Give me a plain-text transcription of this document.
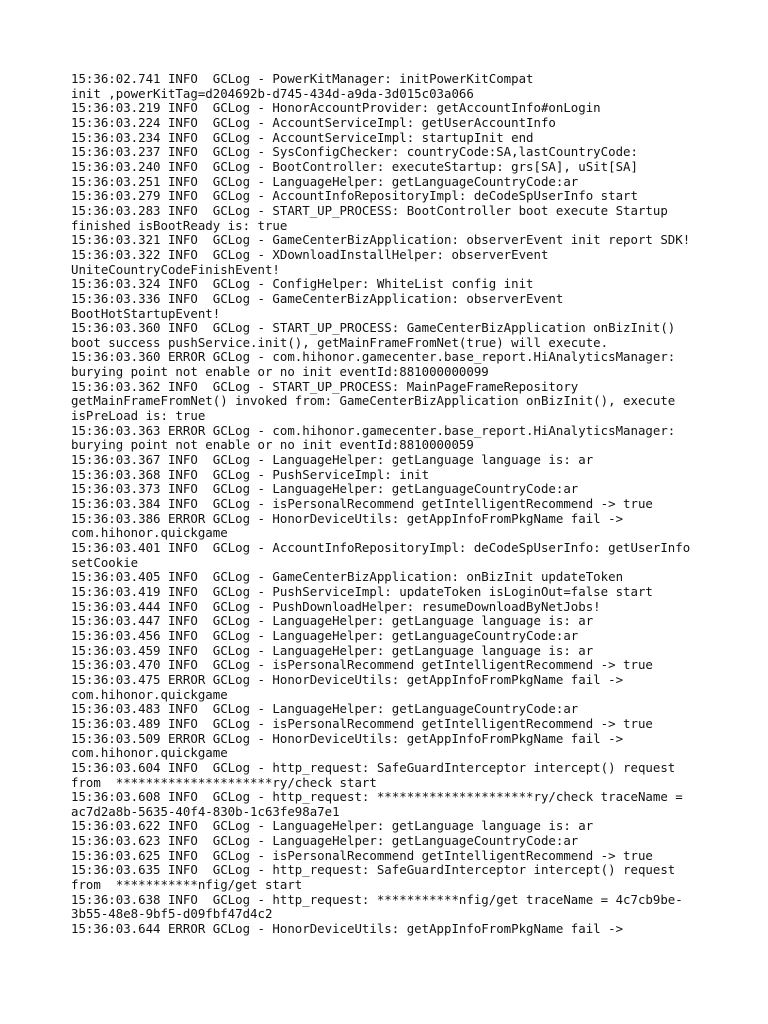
15:36:02.741 INFO  GCLog - PowerKitManager: initPowerKitCompat
init ,powerKitTag=d204692b-d745-434d-a9da-3d015c03a066
15:36:03.219 INFO  GCLog - HonorAccountProvider: getAccountInfo#onLogin
15:36:03.224 INFO  GCLog - AccountServiceImpl: getUserAccountInfo
15:36:03.234 INFO  GCLog - AccountServiceImpl: startupInit end
15:36:03.237 INFO  GCLog - SysConfigChecker: countryCode:SA,lastCountryCode:
15:36:03.240 INFO  GCLog - BootController: executeStartup: grs[SA], uSit[SA]
15:36:03.251 INFO  GCLog - LanguageHelper: getLanguageCountryCode:ar
15:36:03.279 INFO  GCLog - AccountInfoRepositoryImpl: deCodeSpUserInfo start
15:36:03.283 INFO  GCLog - START_UP_PROCESS: BootController boot execute Startup
finished isBootReady is: true
15:36:03.321 INFO  GCLog - GameCenterBizApplication: observerEvent init report SDK!
15:36:03.322 INFO  GCLog - XDownloadInstallHelper: observerEvent
UniteCountryCodeFinishEvent!
15:36:03.324 INFO  GCLog - ConfigHelper: WhiteList config init
15:36:03.336 INFO  GCLog - GameCenterBizApplication: observerEvent
BootHotStartupEvent!
15:36:03.360 INFO  GCLog - START_UP_PROCESS: GameCenterBizApplication onBizInit()
boot success pushService.init(), getMainFrameFromNet(true) will execute.
15:36:03.360 ERROR GCLog - com.hihonor.gamecenter.base_report.HiAnalyticsManager:
burying point not enable or no init eventId:881000000099
15:36:03.362 INFO  GCLog - START_UP_PROCESS: MainPageFrameRepository
getMainFrameFromNet() invoked from: GameCenterBizApplication onBizInit(), execute
isPreLoad is: true
15:36:03.363 ERROR GCLog - com.hihonor.gamecenter.base_report.HiAnalyticsManager:
burying point not enable or no init eventId:8810000059
15:36:03.367 INFO  GCLog - LanguageHelper: getLanguage language is: ar
15:36:03.368 INFO  GCLog - PushServiceImpl: init
15:36:03.373 INFO  GCLog - LanguageHelper: getLanguageCountryCode:ar
15:36:03.384 INFO  GCLog - isPersonalRecommend getIntelligentRecommend -> true
15:36:03.386 ERROR GCLog - HonorDeviceUtils: getAppInfoFromPkgName fail ->
com.hihonor.quickgame
15:36:03.401 INFO  GCLog - AccountInfoRepositoryImpl: deCodeSpUserInfo: getUserInfo
setCookie
15:36:03.405 INFO  GCLog - GameCenterBizApplication: onBizInit updateToken
15:36:03.419 INFO  GCLog - PushServiceImpl: updateToken isLoginOut=false start
15:36:03.444 INFO  GCLog - PushDownloadHelper: resumeDownloadByNetJobs!
15:36:03.447 INFO  GCLog - LanguageHelper: getLanguage language is: ar
15:36:03.456 INFO  GCLog - LanguageHelper: getLanguageCountryCode:ar
15:36:03.459 INFO  GCLog - LanguageHelper: getLanguage language is: ar
15:36:03.470 INFO  GCLog - isPersonalRecommend getIntelligentRecommend -> true
15:36:03.475 ERROR GCLog - HonorDeviceUtils: getAppInfoFromPkgName fail ->
com.hihonor.quickgame
15:36:03.483 INFO  GCLog - LanguageHelper: getLanguageCountryCode:ar
15:36:03.489 INFO  GCLog - isPersonalRecommend getIntelligentRecommend -> true
15:36:03.509 ERROR GCLog - HonorDeviceUtils: getAppInfoFromPkgName fail ->
com.hihonor.quickgame
15:36:03.604 INFO  GCLog - http_request: SafeGuardInterceptor intercept() request
from  *********************ry/check start
15:36:03.608 INFO  GCLog - http_request: *********************ry/check traceName =
ac7d2a8b-5635-40f4-830b-1c63fe98a7e1
15:36:03.622 INFO  GCLog - LanguageHelper: getLanguage language is: ar
15:36:03.623 INFO  GCLog - LanguageHelper: getLanguageCountryCode:ar
15:36:03.625 INFO  GCLog - isPersonalRecommend getIntelligentRecommend -> true
15:36:03.635 INFO  GCLog - http_request: SafeGuardInterceptor intercept() request
from  ***********nfig/get start
15:36:03.638 INFO  GCLog - http_request: ***********nfig/get traceName = 4c7cb9be-
3b55-48e8-9bf5-d09fbf47d4c2
15:36:03.644 ERROR GCLog - HonorDeviceUtils: getAppInfoFromPkgName fail ->
